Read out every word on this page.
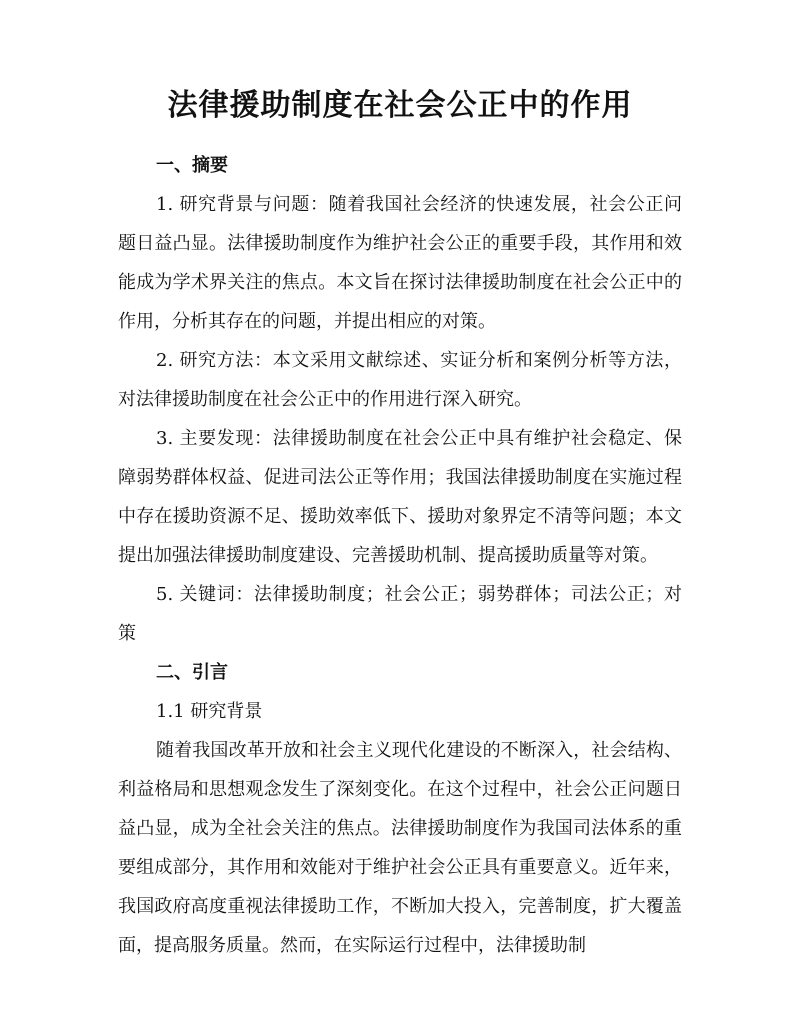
法律援助制度在社会公正中的作用
一、摘要

1. 研究背景与问题：随着我国社会经济的快速发展，社会公正问题日益凸显。法律援助制度作为维护社会公正的重要手段，其作用和效能成为学术界关注的焦点。本文旨在探讨法律援助制度在社会公正中的作用，分析其存在的问题，并提出相应的对策。

2. 研究方法：本文采用文献综述、实证分析和案例分析等方法，对法律援助制度在社会公正中的作用进行深入研究。

3. 主要发现：法律援助制度在社会公正中具有维护社会稳定、保障弱势群体权益、促进司法公正等作用；我国法律援助制度在实施过程中存在援助资源不足、援助效率低下、援助对象界定不清等问题；本文提出加强法律援助制度建设、完善援助机制、提高援助质量等对策。

5. 关键词：法律援助制度；社会公正；弱势群体；司法公正；对策

二、引言

1.1 研究背景

随着我国改革开放和社会主义现代化建设的不断深入，社会结构、利益格局和思想观念发生了深刻变化。在这个过程中，社会公正问题日益凸显，成为全社会关注的焦点。法律援助制度作为我国司法体系的重要组成部分，其作用和效能对于维护社会公正具有重要意义。近年来，我国政府高度重视法律援助工作，不断加大投入，完善制度，扩大覆盖面，提高服务质量。然而，在实际运行过程中，法律援助制
